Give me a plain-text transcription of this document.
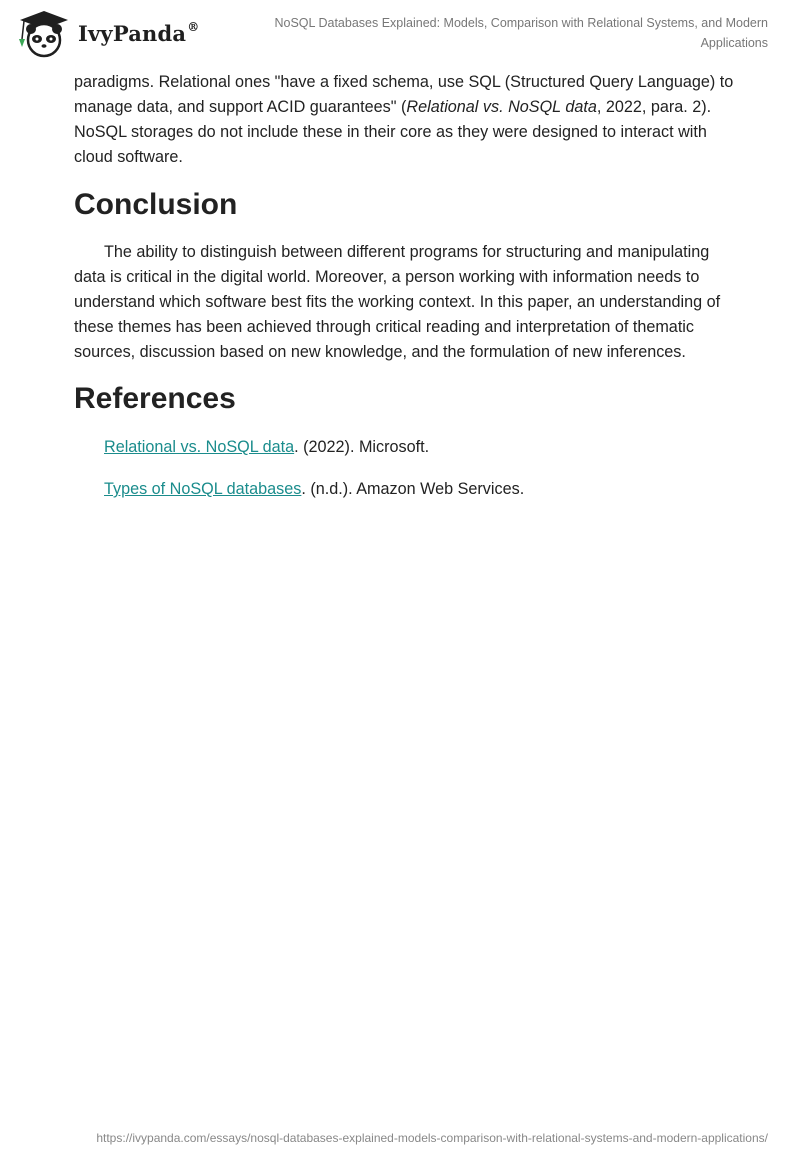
IvyPanda®	NoSQL Databases Explained: Models, Comparison with Relational Systems, and Modern Applications

paradigms. Relational ones "have a fixed schema, use SQL (Structured Query Language) to manage data, and support ACID guarantees" (Relational vs. NoSQL data, 2022, para. 2). NoSQL storages do not include these in their core as they were designed to interact with cloud software.

Conclusion

The ability to distinguish between different programs for structuring and manipulating data is critical in the digital world. Moreover, a person working with information needs to understand which software best fits the working context. In this paper, an understanding of these themes has been achieved through critical reading and interpretation of thematic sources, discussion based on new knowledge, and the formulation of new inferences.

References
Relational vs. NoSQL data. (2022). Microsoft.
Types of NoSQL databases. (n.d.). Amazon Web Services.
https://ivypanda.com/essays/nosql-databases-explained-models-comparison-with-relational-systems-and-modern-applications/
